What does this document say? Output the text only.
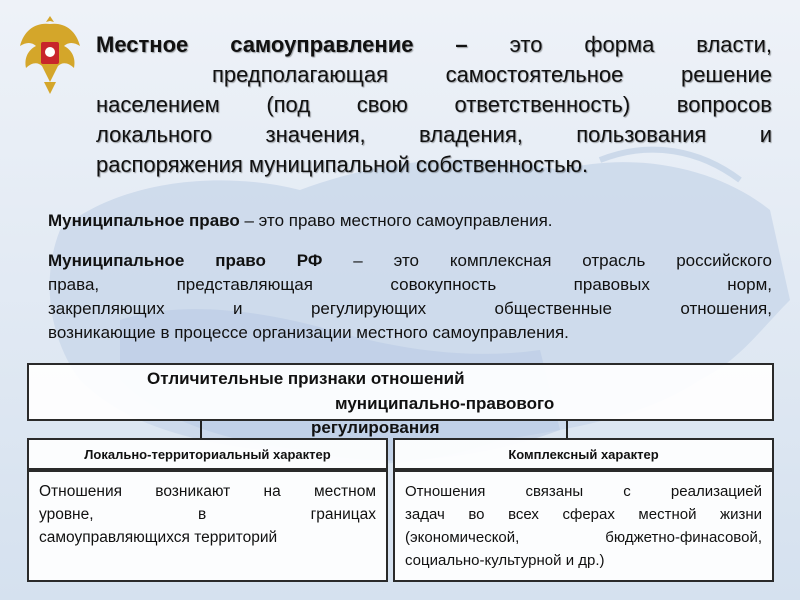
Местное самоуправление – это форма власти,
предполагающая самостоятельное решение
населением (под свою ответственность) вопросов
локального значения, владения, пользования и
распоряжения муниципальной собственностью.
Муниципальное право – это право местного самоуправления.
Муниципальное право РФ – это комплексная отрасль российского
права, представляющая совокупность правовых норм,
закрепляющих и регулирующих общественные отношения,
возникающие в процессе организации местного самоуправления.
Отличительные признаки отношений
муниципально-правового
регулирования
Локально-территориальный характер	Комплексный характер
Отношения возникают на местном
уровне, в границах
самоуправляющихся территорий
Отношения связаны с реализацией
задач во всех сферах местной жизни
(экономической, бюджетно-финасовой,
социально-культурной и др.)
